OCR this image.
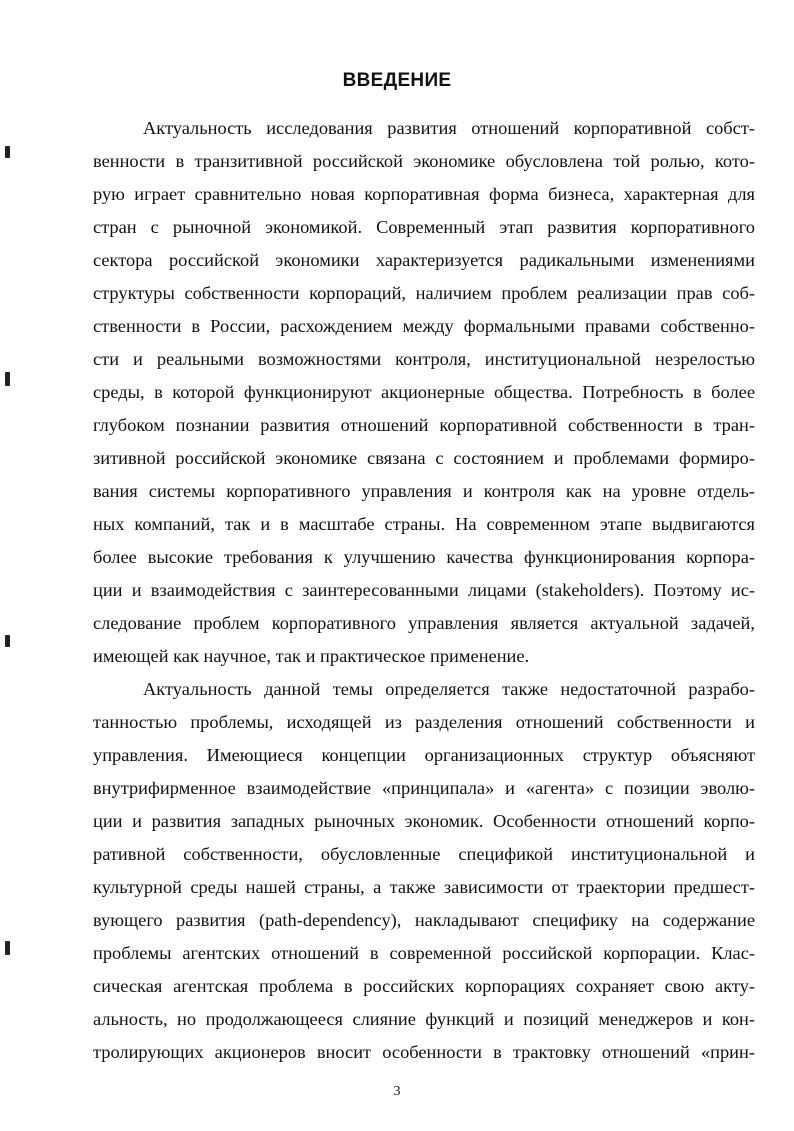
ВВЕДЕНИЕ
Актуальность исследования развития отношений корпоративной собст-
венности в транзитивной российской экономике обусловлена той ролью, кото-
рую играет сравнительно новая корпоративная форма бизнеса, характерная для
стран с рыночной экономикой. Современный этап развития корпоративного
сектора российской экономики характеризуется радикальными изменениями
структуры собственности корпораций, наличием проблем реализации прав соб-
ственности в России, расхождением между формальными правами собственно-
сти и реальными возможностями контроля, институциональной незрелостью
среды, в которой функционируют акционерные общества. Потребность в более
глубоком познании развития отношений корпоративной собственности в тран-
зитивной российской экономике связана с состоянием и проблемами формиро-
вания системы корпоративного управления и контроля как на уровне отдель-
ных компаний, так и в масштабе страны. На современном этапе выдвигаются
более высокие требования к улучшению качества функционирования корпора-
ции и взаимодействия с заинтересованными лицами (stakeholders). Поэтому ис-
следование проблем корпоративного управления является актуальной задачей,
имеющей как научное, так и практическое применение.
Актуальность данной темы определяется также недостаточной разрабо-
танностью проблемы, исходящей из разделения отношений собственности и
управления. Имеющиеся концепции организационных структур объясняют
внутрифирменное взаимодействие «принципала» и «агента» с позиции эволю-
ции и развития западных рыночных экономик. Особенности отношений корпо-
ративной собственности, обусловленные спецификой институциональной и
культурной среды нашей страны, а также зависимости от траектории предшест-
вующего развития (path-dependency), накладывают специфику на содержание
проблемы агентских отношений в современной российской корпорации. Клас-
сическая агентская проблема в российских корпорациях сохраняет свою акту-
альность, но продолжающееся слияние функций и позиций менеджеров и кон-
тролирующих акционеров вносит особенности в трактовку отношений «прин-
3
